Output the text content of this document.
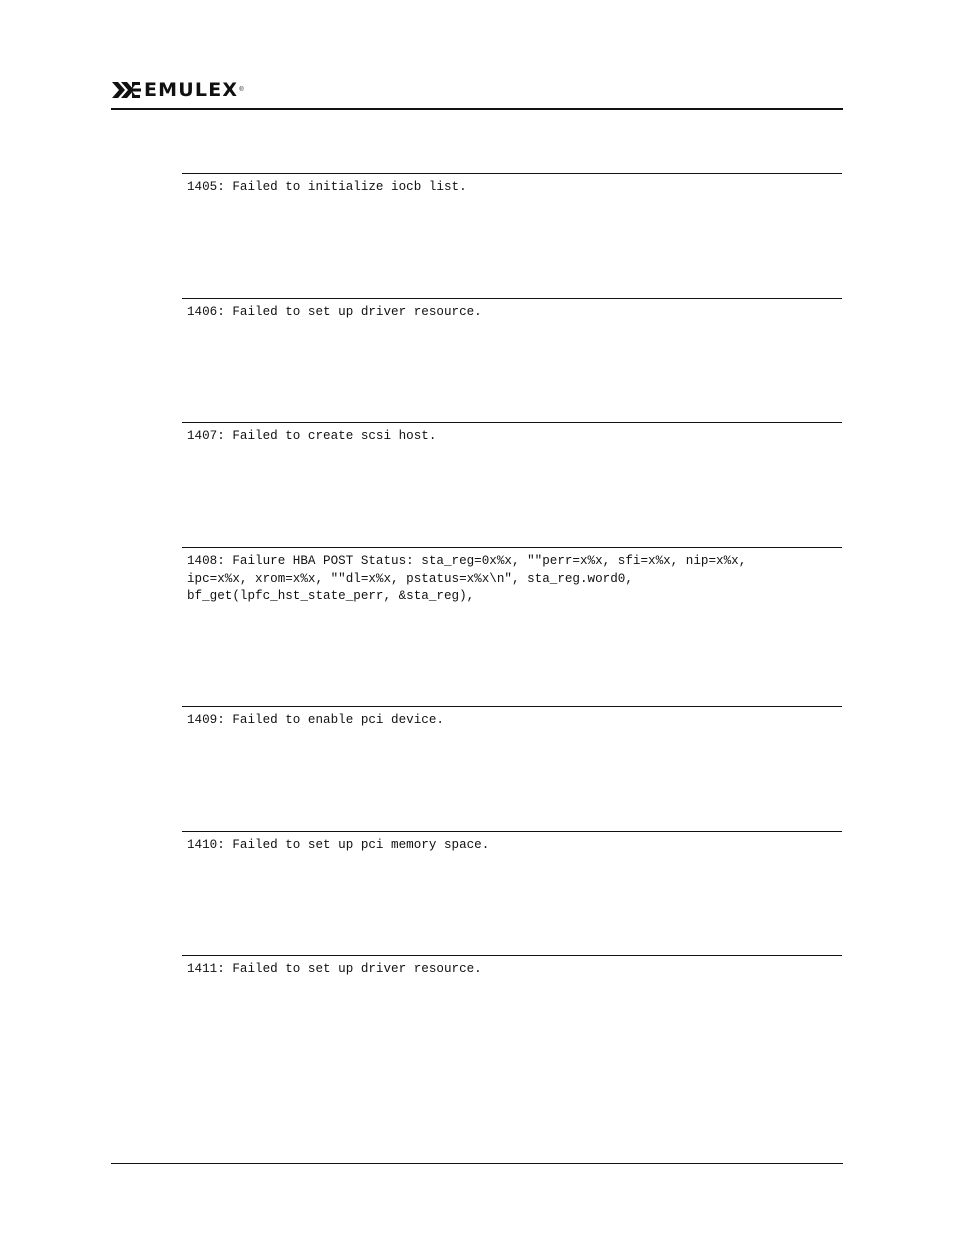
EMULEX ®
1405: Failed to initialize iocb list.
1406: Failed to set up driver resource.
1407: Failed to create scsi host.
1408: Failure HBA POST Status: sta_reg=0x%x, ""perr=x%x, sfi=x%x, nip=x%x,
ipc=x%x, xrom=x%x, ""dl=x%x, pstatus=x%x\n", sta_reg.word0,
bf_get(lpfc_hst_state_perr, &sta_reg),
1409: Failed to enable pci device.
1410: Failed to set up pci memory space.
1411: Failed to set up driver resource.
